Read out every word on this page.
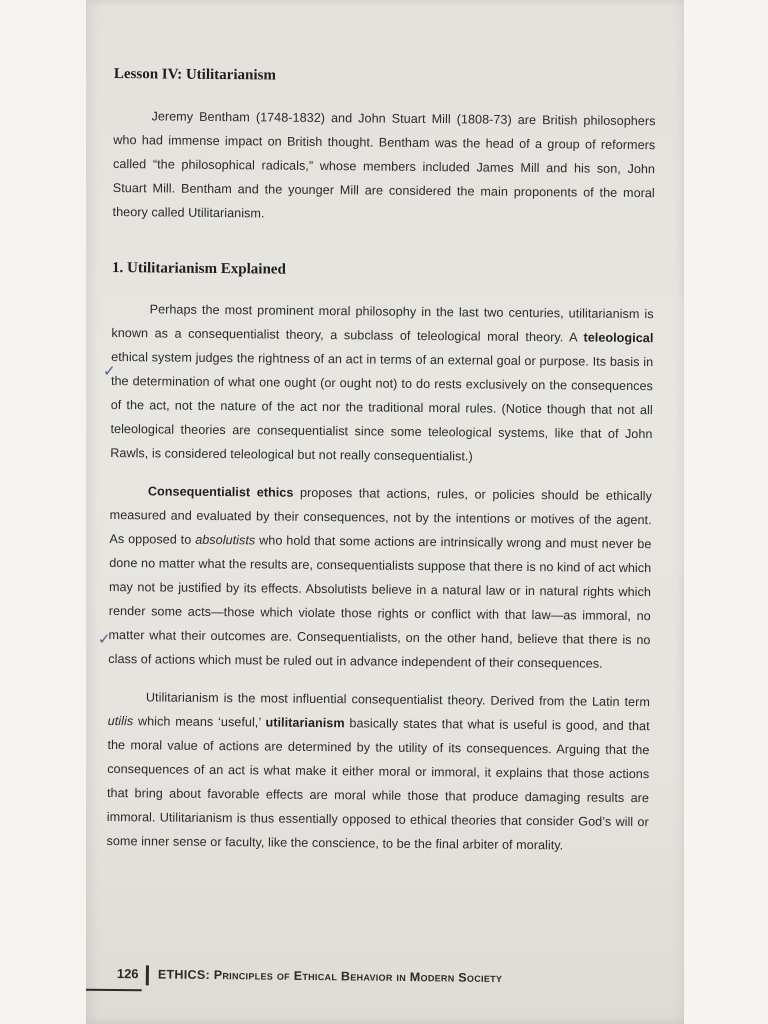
Lesson IV: Utilitarianism

Jeremy Bentham (1748-1832) and John Stuart Mill (1808-73) are British philosophers who had immense impact on British thought. Bentham was the head of a group of reformers called “the philosophical radicals,” whose members included James Mill and his son, John Stuart Mill. Bentham and the younger Mill are considered the main proponents of the moral theory called Utilitarianism.

1. Utilitarianism Explained

Perhaps the most prominent moral philosophy in the last two centuries, utilitarianism is known as a consequentialist theory, a subclass of teleological moral theory. A teleological ethical system judges the rightness of an act in terms of an external goal or purpose. Its basis in the determination of what one ought (or ought not) to do rests exclusively on the consequences of the act, not the nature of the act nor the traditional moral rules. (Notice though that not all teleological theories are consequentialist since some teleological systems, like that of John Rawls, is considered teleological but not really consequentialist.)

Consequentialist ethics proposes that actions, rules, or policies should be ethically measured and evaluated by their consequences, not by the intentions or motives of the agent. As opposed to absolutists who hold that some actions are intrinsically wrong and must never be done no matter what the results are, consequentialists suppose that there is no kind of act which may not be justified by its effects. Absolutists believe in a natural law or in natural rights which render some acts—those which violate those rights or conflict with that law—as immoral, no matter what their outcomes are. Consequentialists, on the other hand, believe that there is no class of actions which must be ruled out in advance independent of their consequences.

Utilitarianism is the most influential consequentialist theory. Derived from the Latin term utilis which means ‘useful,’ utilitarianism basically states that what is useful is good, and that the moral value of actions are determined by the utility of its consequences. Arguing that the consequences of an act is what make it either moral or immoral, it explains that those actions that bring about favorable effects are moral while those that produce damaging results are immoral. Utilitarianism is thus essentially opposed to ethical theories that consider God’s will or some inner sense or faculty, like the conscience, to be the final arbiter of morality.

✓
✓
126 ETHICS: Principles of Ethical Behavior in Modern Society
